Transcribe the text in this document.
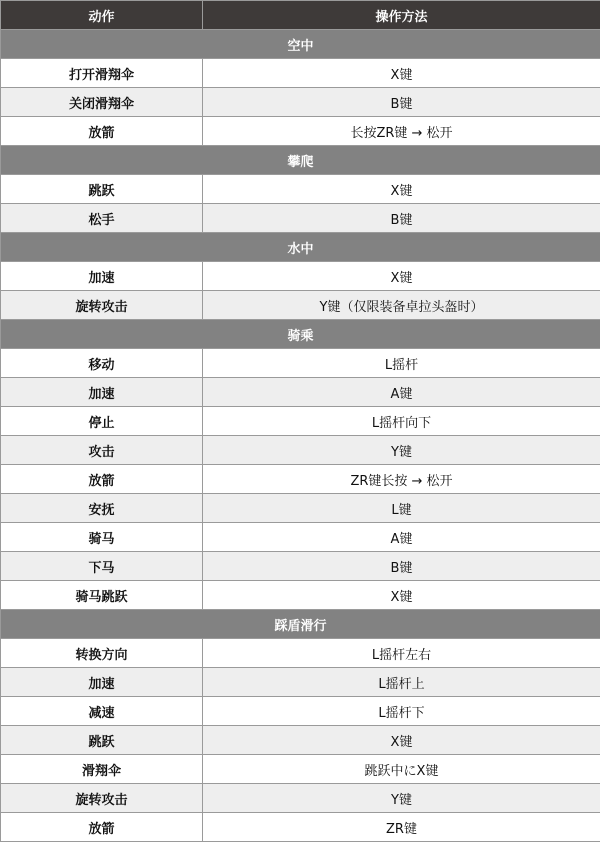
动作	操作方法
空中	
打开滑翔伞	X键
关闭滑翔伞	B键
放箭	长按ZR键 → 松开
攀爬	
跳跃	X键
松手	B键
水中	
加速	X键
旋转攻击	Y键（仅限装备卓拉头盔时）
骑乘	
移动	L摇杆
加速	A键
停止	L摇杆向下
攻击	Y键
放箭	ZR键长按 → 松开
安抚	L键
骑马	A键
下马	B键
骑马跳跃	X键
踩盾滑行	
转换方向	L摇杆左右
加速	L摇杆上
减速	L摇杆下
跳跃	X键
滑翔伞	跳跃中にX键
旋转攻击	Y键
放箭	ZR键
